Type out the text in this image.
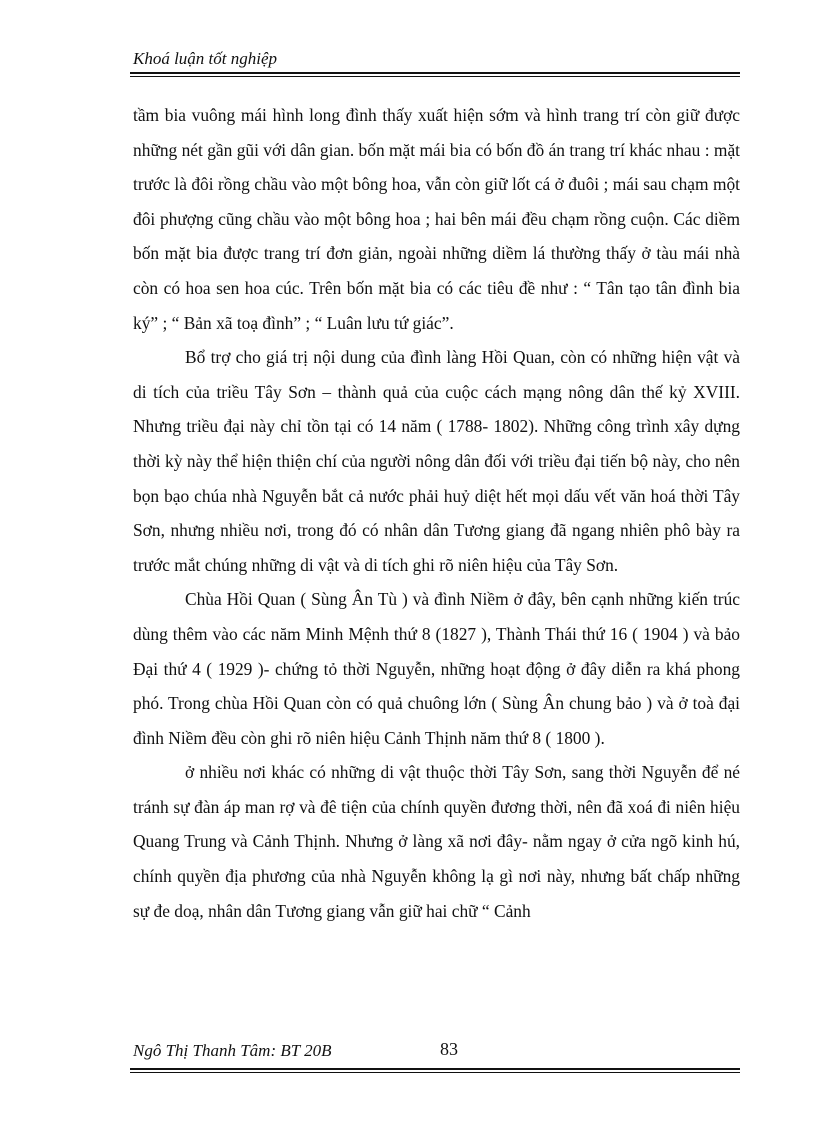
Khoá luận tốt nghiệp

tầm bia vuông mái hình long đình thấy xuất hiện sớm và hình trang trí còn giữ được những nét gần gũi với dân gian. bốn mặt mái bia có bốn đồ án trang trí khác nhau : mặt trước là đôi rồng chầu vào một bông hoa, vẫn còn giữ lốt cá ở đuôi ; mái sau chạm một đôi phượng cũng chầu vào một bông hoa ; hai bên mái đều chạm rồng cuộn. Các diềm bốn mặt bia được trang trí đơn giản, ngoài những diềm lá thường thấy ở tàu mái nhà còn có hoa sen hoa cúc. Trên bốn mặt bia có các tiêu đề như : “ Tân tạo tân đình bia ký” ; “ Bản xã toạ đình” ; “ Luân lưu tứ giác”.

Bổ trợ cho giá trị nội dung của đình làng Hồi Quan, còn có những hiện vật và di tích của triều Tây Sơn – thành quả của cuộc cách mạng nông dân thế kỷ XVIII. Nhưng triều đại này chỉ tồn tại có 14 năm ( 1788- 1802). Những công trình xây dựng thời kỳ này thể hiện thiện chí của người nông dân đối với triều đại tiến bộ này, cho nên bọn bạo chúa nhà Nguyễn bắt cả nước phải huỷ diệt hết mọi dấu vết văn hoá thời Tây Sơn, nhưng nhiều nơi, trong đó có nhân dân Tương giang đã ngang nhiên phô bày ra trước mắt chúng những di vật và di tích ghi rõ niên hiệu của Tây Sơn.

Chùa Hồi Quan ( Sùng Ân Tù ) và đình Niềm ở đây, bên cạnh những kiến trúc dùng thêm vào các năm Minh Mệnh thứ 8 (1827 ), Thành Thái thứ 16 ( 1904 ) và bảo Đại thứ 4 ( 1929 )- chứng tỏ thời Nguyễn, những hoạt động ở đây diễn ra khá phong phó. Trong chùa Hồi Quan còn có quả chuông lớn ( Sùng Ân chung bảo ) và ở toà đại đình Niềm đều còn ghi rõ niên hiệu Cảnh Thịnh năm thứ 8 ( 1800 ).

ở nhiều nơi khác có những di vật thuộc thời Tây Sơn, sang thời Nguyễn để né tránh sự đàn áp man rợ và đê tiện của chính quyền đương thời, nên đã xoá đi niên hiệu Quang Trung và Cảnh Thịnh. Nhưng ở làng xã nơi đây- nằm ngay ở cửa ngõ kinh hú, chính quyền địa phương của nhà Nguyễn không lạ gì nơi này, nhưng bất chấp những sự đe doạ, nhân dân Tương giang vẫn giữ hai chữ “ Cảnh

Ngô Thị Thanh Tâm: BT 20B	83
